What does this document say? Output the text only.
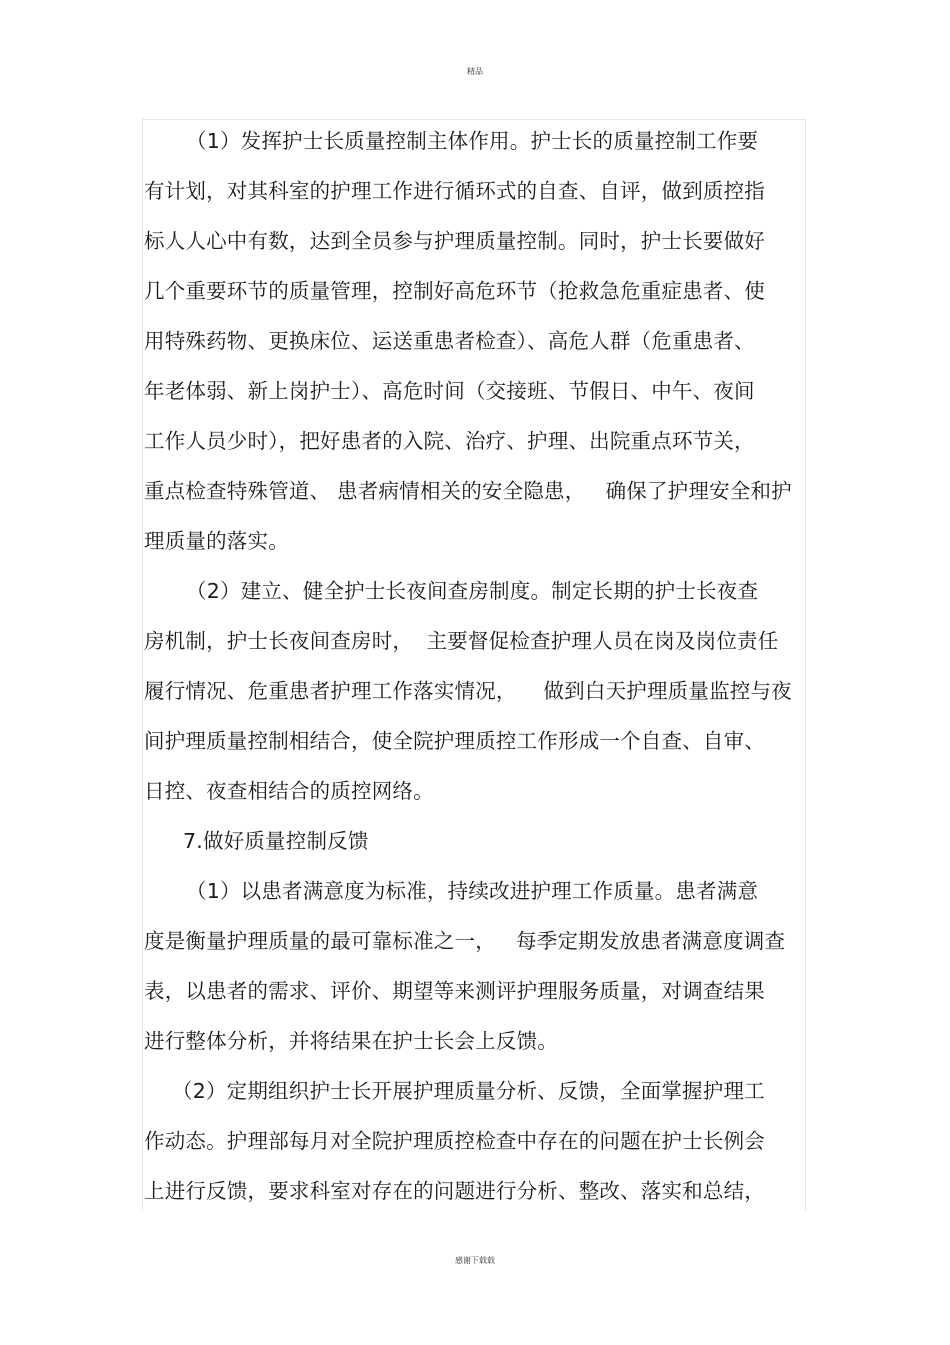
精品
（1）发挥护士长质量控制主体作用。护士长的质量控制工作要
有计划，对其科室的护理工作进行循环式的自查、自评，做到质控指
标人人心中有数，达到全员参与护理质量控制。同时，护士长要做好
几个重要环节的质量管理，控制好高危环节（抢救急危重症患者、使
用特殊药物、更换床位、运送重患者检查）、高危人群（危重患者、
年老体弱、新上岗护士）、高危时间（交接班、节假日、中午、夜间
工作人员少时），把好患者的入院、治疗、护理、出院重点环节关，
重点检查特殊管道、 患者病情相关的安全隐患，   确保了护理安全和护
理质量的落实。
（2）建立、健全护士长夜间查房制度。制定长期的护士长夜查
房机制，护士长夜间查房时，  主要督促检查护理人员在岗及岗位责任
履行情况、危重患者护理工作落实情况，    做到白天护理质量监控与夜
间护理质量控制相结合，使全院护理质控工作形成一个自查、自审、
日控、夜查相结合的质控网络。
7.做好质量控制反馈
（1）以患者满意度为标准，持续改进护理工作质量。患者满意
度是衡量护理质量的最可靠标准之一，   每季定期发放患者满意度调查
表，以患者的需求、评价、期望等来测评护理服务质量，对调查结果
进行整体分析，并将结果在护士长会上反馈。
（2）定期组织护士长开展护理质量分析、反馈，全面掌握护理工
作动态。护理部每月对全院护理质控检查中存在的问题在护士长例会
上进行反馈，要求科室对存在的问题进行分析、整改、落实和总结，
感谢下载载
